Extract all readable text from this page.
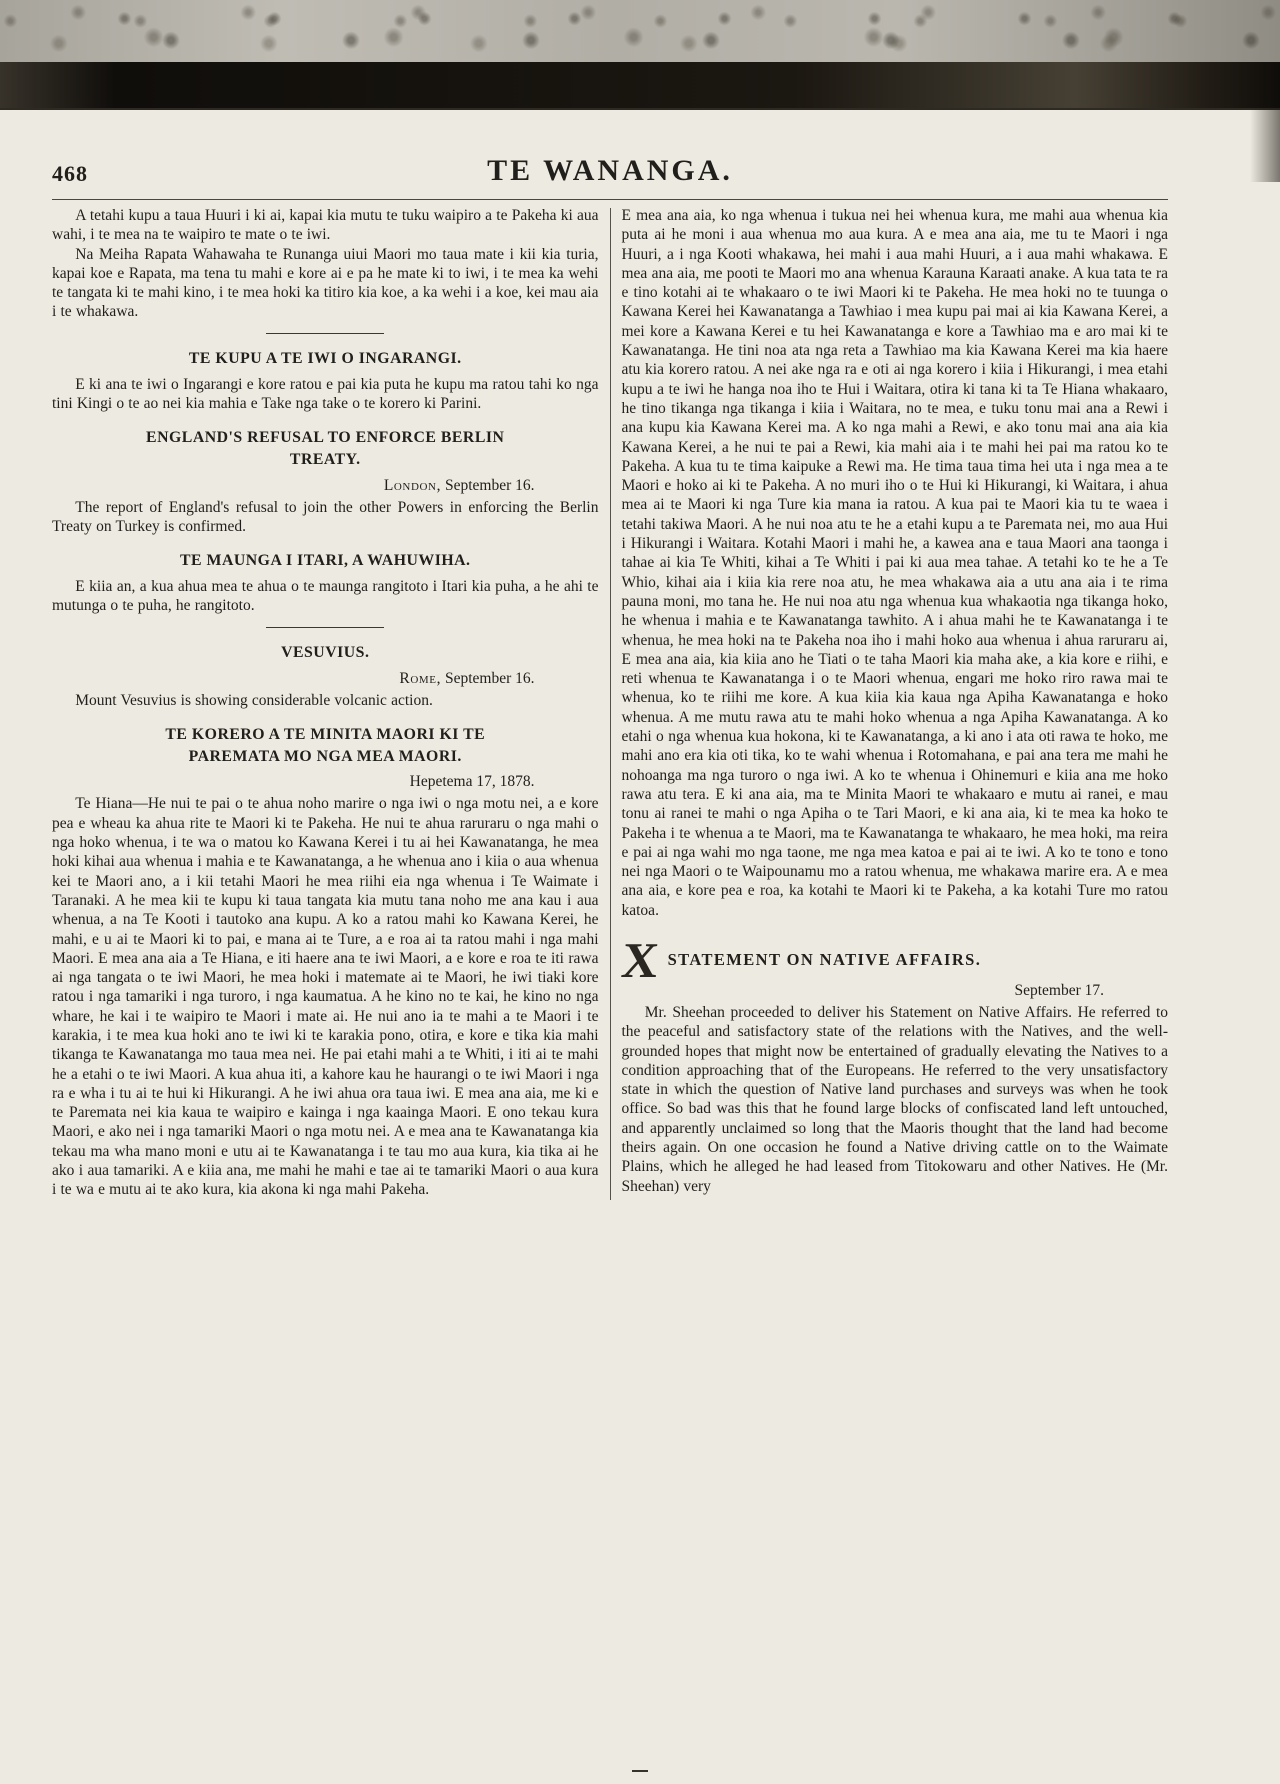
468	TE WANANGA.

A tetahi kupu a taua Huuri i ki ai, kapai kia mutu te tuku waipiro a te Pakeha ki aua wahi, i te mea na te waipiro te mate o te iwi.

Na Meiha Rapata Wahawaha te Runanga uiui Maori mo taua mate i kii kia turia, kapai koe e Rapata, ma tena tu mahi e kore ai e pa he mate ki to iwi, i te mea ka wehi te tangata ki te mahi kino, i te mea hoki ka titiro kia koe, a ka wehi i a koe, kei mau aia i te whakawa.

TE KUPU A TE IWI O INGARANGI.

E ki ana te iwi o Ingarangi e kore ratou e pai kia puta he kupu ma ratou tahi ko nga tini Kingi o te ao nei kia mahia e Take nga take o te korero ki Parini.

ENGLAND'S REFUSAL TO ENFORCE BERLIN TREATY.

London, September 16.

The report of England's refusal to join the other Powers in enforcing the Berlin Treaty on Turkey is confirmed.

TE MAUNGA I ITARI, A WAHUWIHA.

E kiia an, a kua ahua mea te ahua o te maunga rangitoto i Itari kia puha, a he ahi te mutunga o te puha, he rangitoto.

VESUVIUS.

Rome, September 16.

Mount Vesuvius is showing considerable volcanic action.

TE KORERO A TE MINITA MAORI KI TE PAREMATA MO NGA MEA MAORI.

Hepetema 17, 1878.

Te Hiana—He nui te pai o te ahua noho marire o nga iwi o nga motu nei, a e kore pea e wheau ka ahua rite te Maori ki te Pakeha. He nui te ahua raruraru o nga mahi o nga hoko whenua, i te wa o matou ko Kawana Kerei i tu ai hei Kawanatanga, he mea hoki kihai aua whenua i mahia e te Kawanatanga, a he whenua ano i kiia o aua whenua kei te Maori ano, a i kii tetahi Maori he mea riihi eia nga whenua i Te Waimate i Taranaki. A he mea kii te kupu ki taua tangata kia mutu tana noho me ana kau i aua whenua, a na Te Kooti i tautoko ana kupu. A ko a ratou mahi ko Kawana Kerei, he mahi, e u ai te Maori ki to pai, e mana ai te Ture, a e roa ai ta ratou mahi i nga mahi Maori. E mea ana aia a Te Hiana, e iti haere ana te iwi Maori, a e kore e roa te iti rawa ai nga tangata o te iwi Maori, he mea hoki i matemate ai te Maori, he iwi tiaki kore ratou i nga tamariki i nga turoro, i nga kaumatua. A he kino no te kai, he kino no nga whare, he kai i te waipiro te Maori i mate ai. He nui ano ia te mahi a te Maori i te karakia, i te mea kua hoki ano te iwi ki te karakia pono, otira, e kore e tika kia mahi tikanga te Kawanatanga mo taua mea nei. He pai etahi mahi a te Whiti, i iti ai te mahi he a etahi o te iwi Maori. A kua ahua iti, a kahore kau he haurangi o te iwi Maori i nga ra e wha i tu ai te hui ki Hikurangi. A he iwi ahua ora taua iwi. E mea ana aia, me ki e te Paremata nei kia kaua te waipiro e kainga i nga kaainga Maori. E ono tekau kura Maori, e ako nei i nga tamariki Maori o nga motu nei. A e mea ana te Kawanatanga kia tekau ma wha mano moni e utu ai te Kawanatanga i te tau mo aua kura, kia tika ai he ako i aua tamariki. A e kiia ana, me mahi he mahi e tae ai te tamariki Maori o aua kura i te wa e mutu ai te ako kura, kia akona ki nga mahi Pakeha.

E mea ana aia, ko nga whenua i tukua nei hei whenua kura, me mahi aua whenua kia puta ai he moni i aua whenua mo aua kura. A e mea ana aia, me tu te Maori i nga Huuri, a i nga Kooti whakawa, hei mahi i aua mahi Huuri, a i aua mahi whakawa. E mea ana aia, me pooti te Maori mo ana whenua Karauna Karaati anake. A kua tata te ra e tino kotahi ai te whakaaro o te iwi Maori ki te Pakeha. He mea hoki no te tuunga o Kawana Kerei hei Kawanatanga a Tawhiao i mea kupu pai mai ai kia Kawana Kerei, a mei kore a Kawana Kerei e tu hei Kawanatanga e kore a Tawhiao ma e aro mai ki te Kawanatanga. He tini noa ata nga reta a Tawhiao ma kia Kawana Kerei ma kia haere atu kia korero ratou. A nei ake nga ra e oti ai nga korero i kiia i Hikurangi, i mea etahi kupu a te iwi he hanga noa iho te Hui i Waitara, otira ki tana ki ta Te Hiana whakaaro, he tino tikanga nga tikanga i kiia i Waitara, no te mea, e tuku tonu mai ana a Rewi i ana kupu kia Kawana Kerei ma. A ko nga mahi a Rewi, e ako tonu mai ana aia kia Kawana Kerei, a he nui te pai a Rewi, kia mahi aia i te mahi hei pai ma ratou ko te Pakeha. A kua tu te tima kaipuke a Rewi ma. He tima taua tima hei uta i nga mea a te Maori e hoko ai ki te Pakeha. A no muri iho o te Hui ki Hikurangi, ki Waitara, i ahua mea ai te Maori ki nga Ture kia mana ia ratou. A kua pai te Maori kia tu te waea i tetahi takiwa Maori. A he nui noa atu te he a etahi kupu a te Paremata nei, mo aua Hui i Hikurangi i Waitara. Kotahi Maori i mahi he, a kawea ana e taua Maori ana taonga i tahae ai kia Te Whiti, kihai a Te Whiti i pai ki aua mea tahae. A tetahi ko te he a Te Whio, kihai aia i kiia kia rere noa atu, he mea whakawa aia a utu ana aia i te rima pauna moni, mo tana he. He nui noa atu nga whenua kua whakaotia nga tikanga hoko, he whenua i mahia e te Kawanatanga tawhito. A i ahua mahi he te Kawanatanga i te whenua, he mea hoki na te Pakeha noa iho i mahi hoko aua whenua i ahua raruraru ai, E mea ana aia, kia kiia ano he Tiati o te taha Maori kia maha ake, a kia kore e riihi, e reti whenua te Kawanatanga i o te Maori whenua, engari me hoko riro rawa mai te whenua, ko te riihi me kore. A kua kiia kia kaua nga Apiha Kawanatanga e hoko whenua. A me mutu rawa atu te mahi hoko whenua a nga Apiha Kawanatanga. A ko etahi o nga whenua kua hokona, ki te Kawanatanga, a ki ano i ata oti rawa te hoko, me mahi ano era kia oti tika, ko te wahi whenua i Rotomahana, e pai ana tera me mahi he nohoanga ma nga turoro o nga iwi. A ko te whenua i Ohinemuri e kiia ana me hoko rawa atu tera. E ki ana aia, ma te Minita Maori te whakaaro e mutu ai ranei, e mau tonu ai ranei te mahi o nga Apiha o te Tari Maori, e ki ana aia, ki te mea ka hoko te Pakeha i te whenua a te Maori, ma te Kawanatanga te whakaaro, he mea hoki, ma reira e pai ai nga wahi mo nga taone, me nga mea katoa e pai ai te iwi. A ko te tono e tono nei nga Maori o te Waipounamu mo a ratou whenua, me whakawa marire era. A e mea ana aia, e kore pea e roa, ka kotahi te Maori ki te Pakeha, a ka kotahi Ture mo ratou katoa.

X STATEMENT ON NATIVE AFFAIRS.

September 17.

Mr. Sheehan proceeded to deliver his Statement on Native Affairs. He referred to the peaceful and satisfactory state of the relations with the Natives, and the well-grounded hopes that might now be entertained of gradually elevating the Natives to a condition approaching that of the Europeans. He referred to the very unsatisfactory state in which the question of Native land purchases and surveys was when he took office. So bad was this that he found large blocks of confiscated land left untouched, and apparently unclaimed so long that the Maoris thought that the land had become theirs again. On one occasion he found a Native driving cattle on to the Waimate Plains, which he alleged he had leased from Titokowaru and other Natives. He (Mr. Sheehan) very
